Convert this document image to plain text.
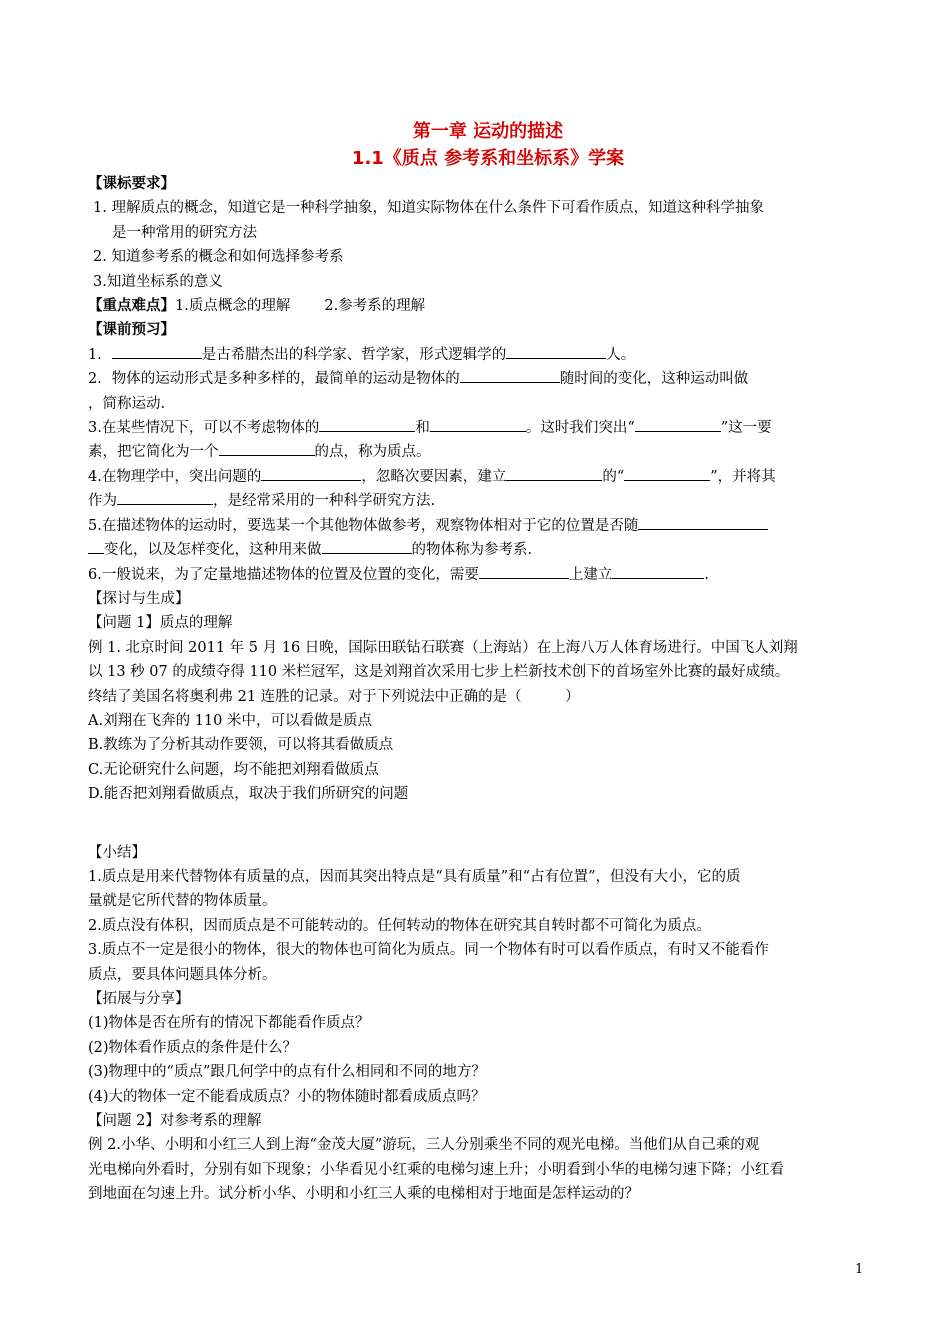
第一章 运动的描述
1.1《质点 参考系和坐标系》学案
【课标要求】
1. 理解质点的概念，知道它是一种科学抽象，知道实际物体在什么条件下可看作质点，知道这种科学抽象
是一种常用的研究方法
2. 知道参考系的概念和如何选择参考系
3.知道坐标系的意义
【重点难点】1.质点概念的理解 2.参考系的理解
【课前预习】
1．	是古希腊杰出的科学家、哲学家，形式逻辑学的	人。
2．物体的运动形式是多种多样的，最简单的运动是物体的	随时间的变化，这种运动叫做
，简称运动.
3.在某些情况下，可以不考虑物体的	和	。这时我们突出“	”这一要
素，把它简化为一个	的点，称为质点。
4.在物理学中，突出问题的	，忽略次要因素，建立	的“	”，并将其
作为	，是经常采用的一种科学研究方法.
5.在描述物体的运动时，要选某一个其他物体做参考，观察物体相对于它的位置是否随
变化，以及怎样变化，这种用来做	的物体称为参考系.
6.一般说来，为了定量地描述物体的位置及位置的变化，需要	上建立	.
【探讨与生成】
【问题 1】质点的理解
例 1. 北京时间 2011 年 5 月 16 日晚，国际田联钻石联赛（上海站）在上海八万人体育场进行。中国飞人刘翔
以 13 秒 07 的成绩夺得 110 米栏冠军，这是刘翔首次采用七步上栏新技术创下的首场室外比赛的最好成绩。
终结了美国名将奥利弗 21 连胜的记录。对于下列说法中正确的是（　　　）
A.刘翔在飞奔的 110 米中，可以看做是质点
B.教练为了分析其动作要领，可以将其看做质点
C.无论研究什么问题，均不能把刘翔看做质点
D.能否把刘翔看做质点，取决于我们所研究的问题
【小结】
1.质点是用来代替物体有质量的点，因而其突出特点是“具有质量”和“占有位置”，但没有大小，它的质
量就是它所代替的物体质量。
2.质点没有体积，因而质点是不可能转动的。任何转动的物体在研究其自转时都不可简化为质点。
3.质点不一定是很小的物体，很大的物体也可简化为质点。同一个物体有时可以看作质点，有时又不能看作
质点，要具体问题具体分析。
【拓展与分享】
(1)物体是否在所有的情况下都能看作质点？
(2)物体看作质点的条件是什么？
(3)物理中的“质点”跟几何学中的点有什么相同和不同的地方？
(4)大的物体一定不能看成质点？小的物体随时都看成质点吗？
【问题 2】对参考系的理解
例 2.小华、小明和小红三人到上海“金茂大厦”游玩，三人分别乘坐不同的观光电梯。当他们从自己乘的观
光电梯向外看时，分别有如下现象；小华看见小红乘的电梯匀速上升；小明看到小华的电梯匀速下降；小红看
到地面在匀速上升。试分析小华、小明和小红三人乘的电梯相对于地面是怎样运动的？
1
